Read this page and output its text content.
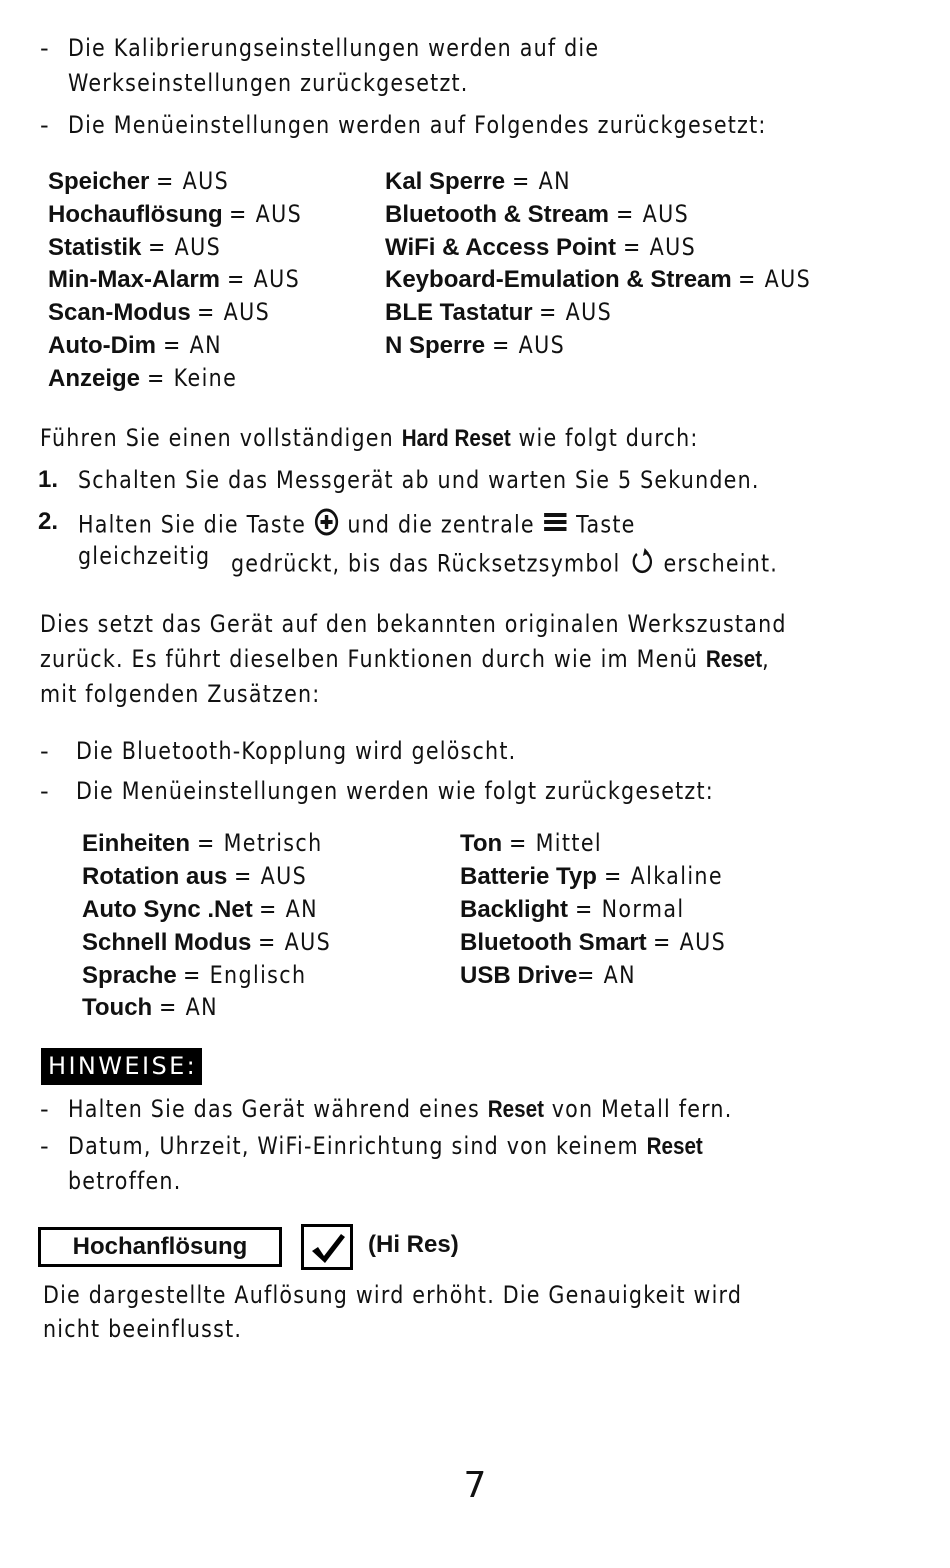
- Die Kalibrierungseinstellungen werden auf die
Werkseinstellungen zurückgesetzt.
- Die Menüeinstellungen werden auf Folgendes zurückgesetzt:
Speicher = AUS
Hochauflösung = AUS
Statistik = AUS
Min-Max-Alarm = AUS
Scan-Modus = AUS
Auto-Dim = AN
Anzeige = Keine
Kal Sperre = AN
Bluetooth & Stream = AUS
WiFi & Access Point = AUS
Keyboard-Emulation & Stream = AUS
BLE Tastatur = AUS
N Sperre = AUS
Führen Sie einen vollständigen Hard Reset wie folgt durch:
1. Schalten Sie das Messgerät ab und warten Sie 5 Sekunden.
2. Halten Sie die Taste und die zentrale Taste
gleichzeitig gedrückt, bis das Rücksetzsymbol erscheint.
Dies setzt das Gerät auf den bekannten originalen Werkszustand
zurück. Es führt dieselben Funktionen durch wie im Menü Reset,
mit folgenden Zusätzen:
- Die Bluetooth-Kopplung wird gelöscht.
- Die Menüeinstellungen werden wie folgt zurückgesetzt:
Einheiten = Metrisch
Rotation aus = AUS
Auto Sync .Net = AN
Schnell Modus = AUS
Sprache = Englisch
Touch = AN
Ton = Mittel
Batterie Typ = Alkaline
Backlight = Normal
Bluetooth Smart = AUS
USB Drive= AN
HINWEISE:
- Halten Sie das Gerät während eines Reset von Metall fern.
- Datum, Uhrzeit, WiFi-Einrichtung sind von keinem Reset
betroffen.
Hochanflösung	(Hi Res)
Die dargestellte Auflösung wird erhöht. Die Genauigkeit wird
nicht beeinflusst.
7
